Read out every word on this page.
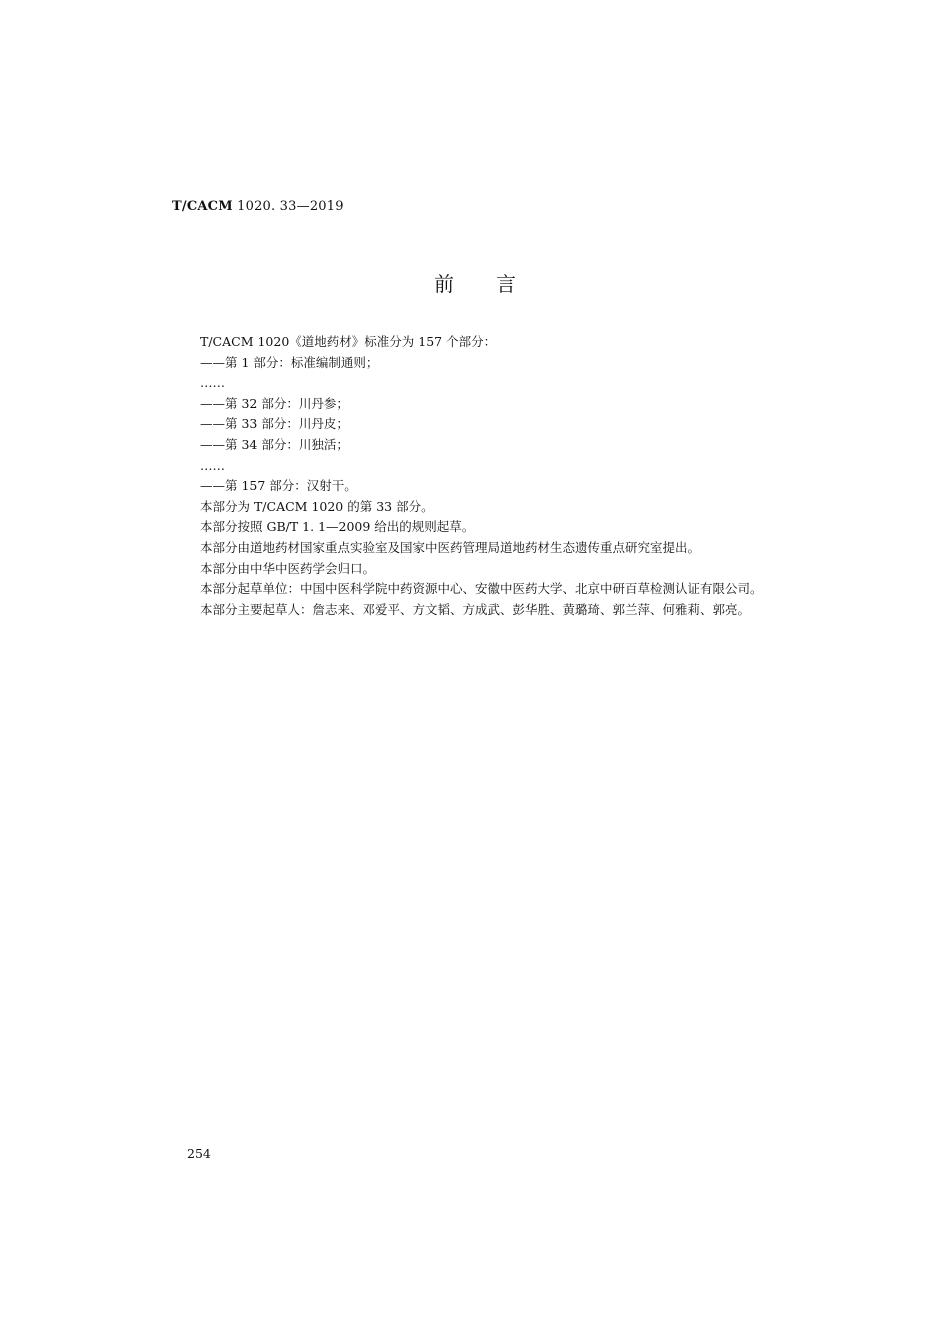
T/CACM 1020. 33—2019
前言

T/CACM 1020《道地药材》标准分为 157 个部分：

——第 1 部分：标准编制通则；

……

——第 32 部分：川丹参；

——第 33 部分：川丹皮；

——第 34 部分：川独活；

……

——第 157 部分：汉射干。

本部分为 T/CACM 1020 的第 33 部分。

本部分按照 GB/T 1. 1—2009 给出的规则起草。

本部分由道地药材国家重点实验室及国家中医药管理局道地药材生态遗传重点研究室提出。

本部分由中华中医药学会归口。

本部分起草单位：中国中医科学院中药资源中心、安徽中医药大学、北京中研百草检测认证有限公司。

本部分主要起草人：詹志来、邓爱平、方文韬、方成武、彭华胜、黄璐琦、郭兰萍、何雅莉、郭亮。

254
